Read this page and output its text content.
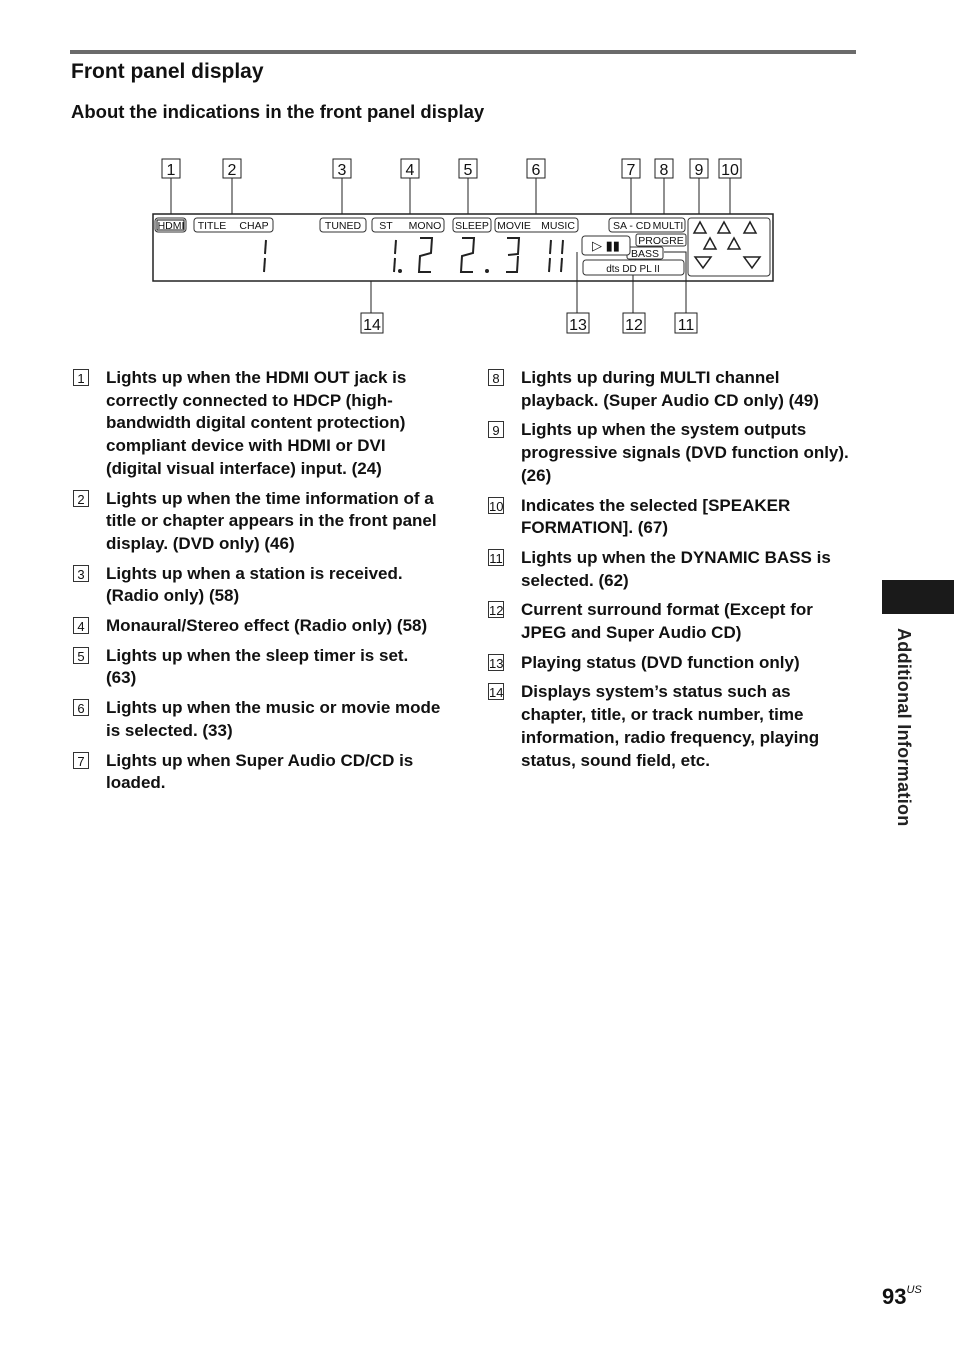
Front panel display
About the indications in the front panel display
1	2	3	4	5	6	7 8 9 10
HDMI TITLE CHAP	TUNED ST MONO SLEEP MOVIE MUSIC	SA - CD MULTI
PROGRE
BASS
▷ ▮▮
dts DD PL II
14	13 12 11
1 Lights up when the HDMI OUT jack is correctly connected to HDCP (high-bandwidth digital content protection) compliant device with HDMI or DVI (digital visual interface) input. (24)
2 Lights up when the time information of a title or chapter appears in the front panel display. (DVD only) (46)
3 Lights up when a station is received. (Radio only) (58)
4 Monaural/Stereo effect (Radio only) (58)
5 Lights up when the sleep timer is set. (63)
6 Lights up when the music or movie mode is selected. (33)
7 Lights up when Super Audio CD/CD is loaded.
8 Lights up during MULTI channel playback. (Super Audio CD only) (49)
9 Lights up when the system outputs progressive signals (DVD function only). (26)
10 Indicates the selected [SPEAKER FORMATION]. (67)
11 Lights up when the DYNAMIC BASS is selected. (62)
12 Current surround format (Except for JPEG and Super Audio CD)
13 Playing status (DVD function only)
14 Displays system’s status such as chapter, title, or track number, time information, radio frequency, playing status, sound field, etc.	Additional Information
$93^{US}$
